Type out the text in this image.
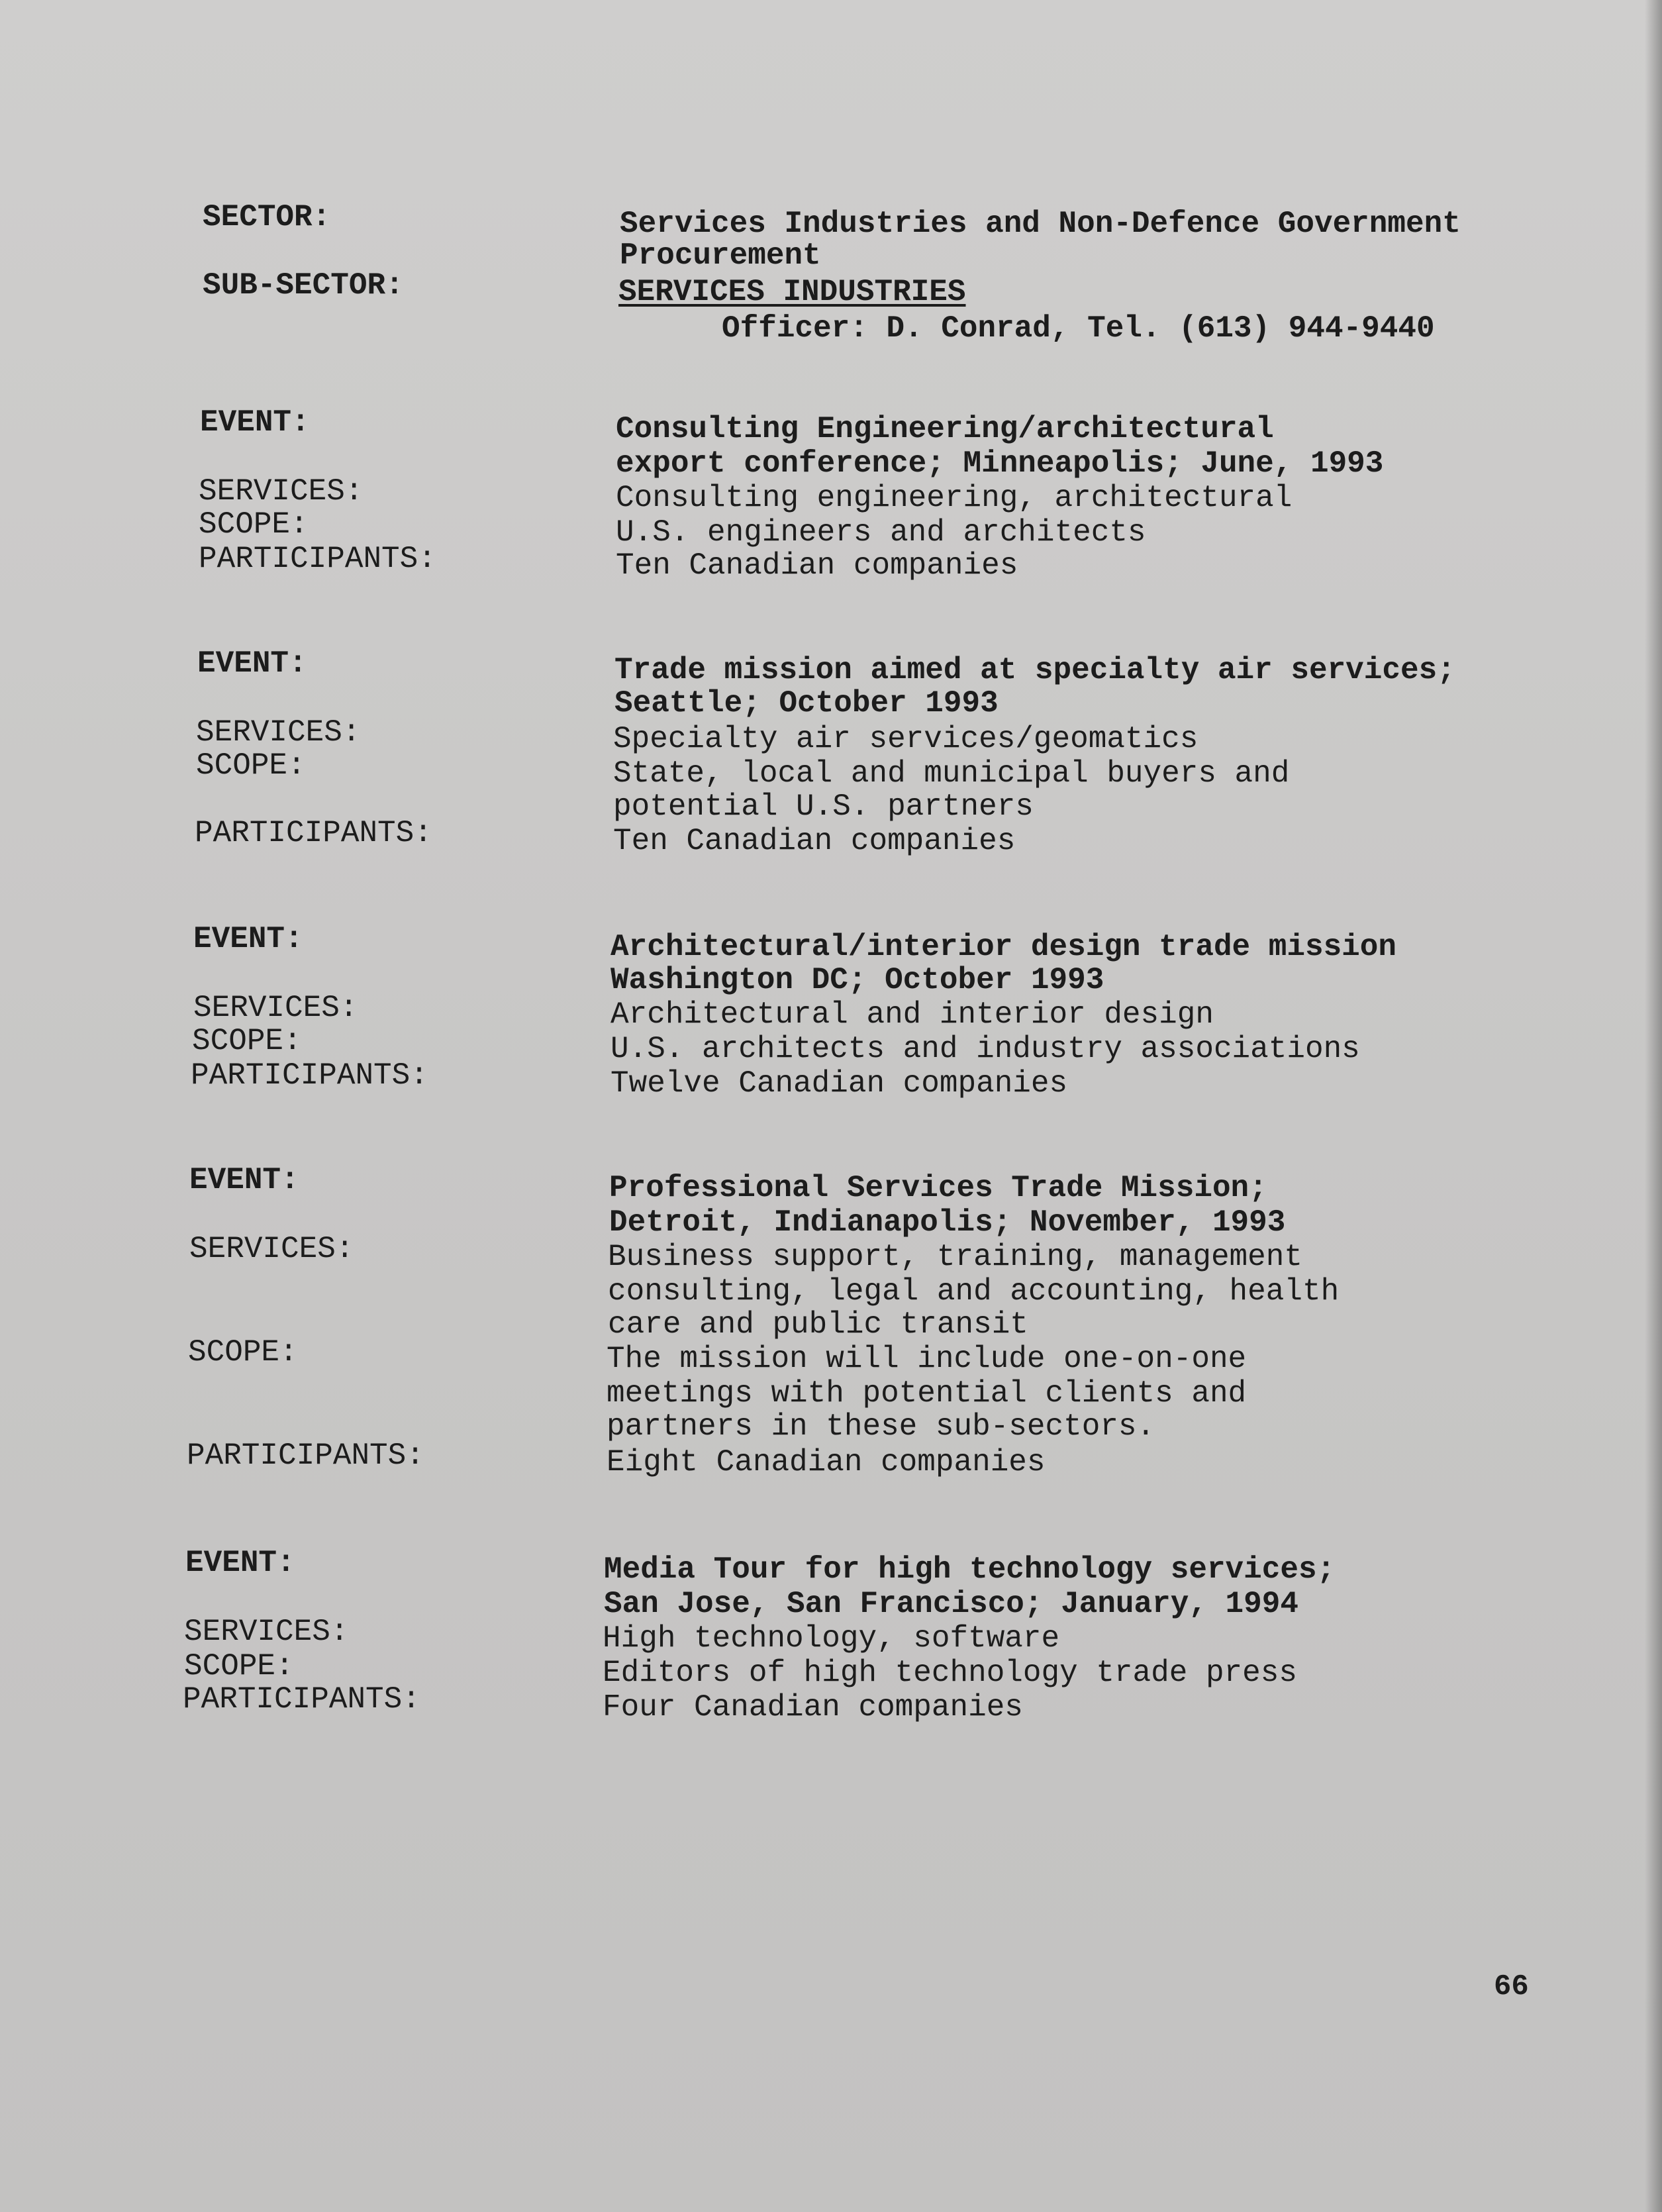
SECTOR:	Services Industries and Non-Defence Government
Procurement
SUB-SECTOR:	SERVICES INDUSTRIES
Officer: D. Conrad, Tel. (613) 944-9440
EVENT:	Consulting Engineering/architectural
export conference; Minneapolis; June, 1993
SERVICES:	Consulting engineering, architectural
SCOPE:	U.S. engineers and architects
PARTICIPANTS:	Ten Canadian companies
EVENT:	Trade mission aimed at specialty air services;
Seattle; October 1993
SERVICES:	Specialty air services/geomatics
SCOPE:	State, local and municipal buyers and
potential U.S. partners
PARTICIPANTS:	Ten Canadian companies
EVENT:	Architectural/interior design trade mission
Washington DC; October 1993
SERVICES:	Architectural and interior design
SCOPE:	U.S. architects and industry associations
PARTICIPANTS:	Twelve Canadian companies
EVENT:	Professional Services Trade Mission;
Detroit, Indianapolis; November, 1993
SERVICES:	Business support, training, management
consulting, legal and accounting, health
care and public transit
SCOPE:	The mission will include one-on-one
meetings with potential clients and
partners in these sub-sectors.
PARTICIPANTS:	Eight Canadian companies
EVENT:	Media Tour for high technology services;
San Jose, San Francisco; January, 1994
SERVICES:	High technology, software
SCOPE:	Editors of high technology trade press
PARTICIPANTS:	Four Canadian companies
66
